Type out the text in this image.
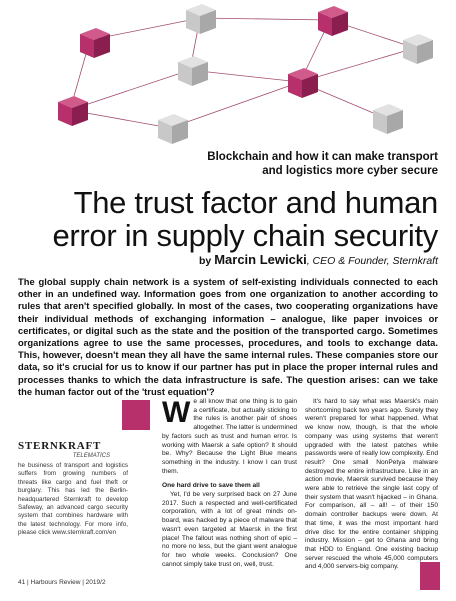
Blockchain and how it can make transport
and logistics more cyber secure
The trust factor and human
error in supply chain security
by Marcin Lewicki, CEO & Founder, Sternkraft
The global supply chain network is a system of self-existing individuals connected to each other in an undefined way. Information goes from one organization to another according to rules that aren't specified globally. In most of the cases, two cooperating organizations have their individual methods of exchanging information – analogue, like paper invoices or certificates, or digital such as the state and the position of the transported cargo. Sometimes organizations agree to use the same processes, procedures, and tools to exchange data. This, however, doesn't mean they all have the same internal rules. These companies store our data, so it's crucial for us to know if our partner has put in place the proper internal rules and processes thanks to which the data infrastructure is safe. The question arises: can we take the human factor out of the 'trust equation'?
STERNKRAFT
TELEMATICS
he business of transport and logistics suffers from growing numbers of threats like cargo and fuel theft or burglary. This has led the Berlin-headquartered Sternkraft to develop Safeway, an advanced cargo security system that combines hardware with the latest technology. For more info, please click www.sternkraft.com/en

We all know that one thing is to gain a certificate, but actually sticking to the rules is another pair of shoes altogether. The latter is undermined by factors such as trust and human error. Is working with Maersk a safe option? It should be. Why? Because the Light Blue means something in the industry. I know I can trust them.

One hard drive to save them all

Yet, I'd be very surprised back on 27 June 2017. Such a respected and well-certificated corporation, with a lot of great minds on-board, was hacked by a piece of malware that wasn't even targeted at Maersk in the first place! The fallout was nothing short of epic – no more no less, but the giant went analogue for two whole weeks. Conclusion? One cannot simply take trust on, well, trust.

It's hard to say what was Maersk's main shortcoming back two years ago. Surely they weren't prepared for what happened. What we know now, though, is that the whole company was using systems that weren't upgraded with the latest patches while passwords were of really low complexity. End result? One small NonPetya malware destroyed the entire infrastructure. Like in an action movie, Maersk survived because they were able to retrieve the single last copy of their system that wasn't hijacked – in Ghana. For comparison, all – all! – of their 150 domain controller backups were down. At that time, it was the most important hard drive disc for the entire container shipping industry. Mission – get to Ghana and bring that HDD to England. One existing backup server rescued the whole 45,000 computers and 4,000 servers-big company.

41 | Harbours Review | 2019/2
